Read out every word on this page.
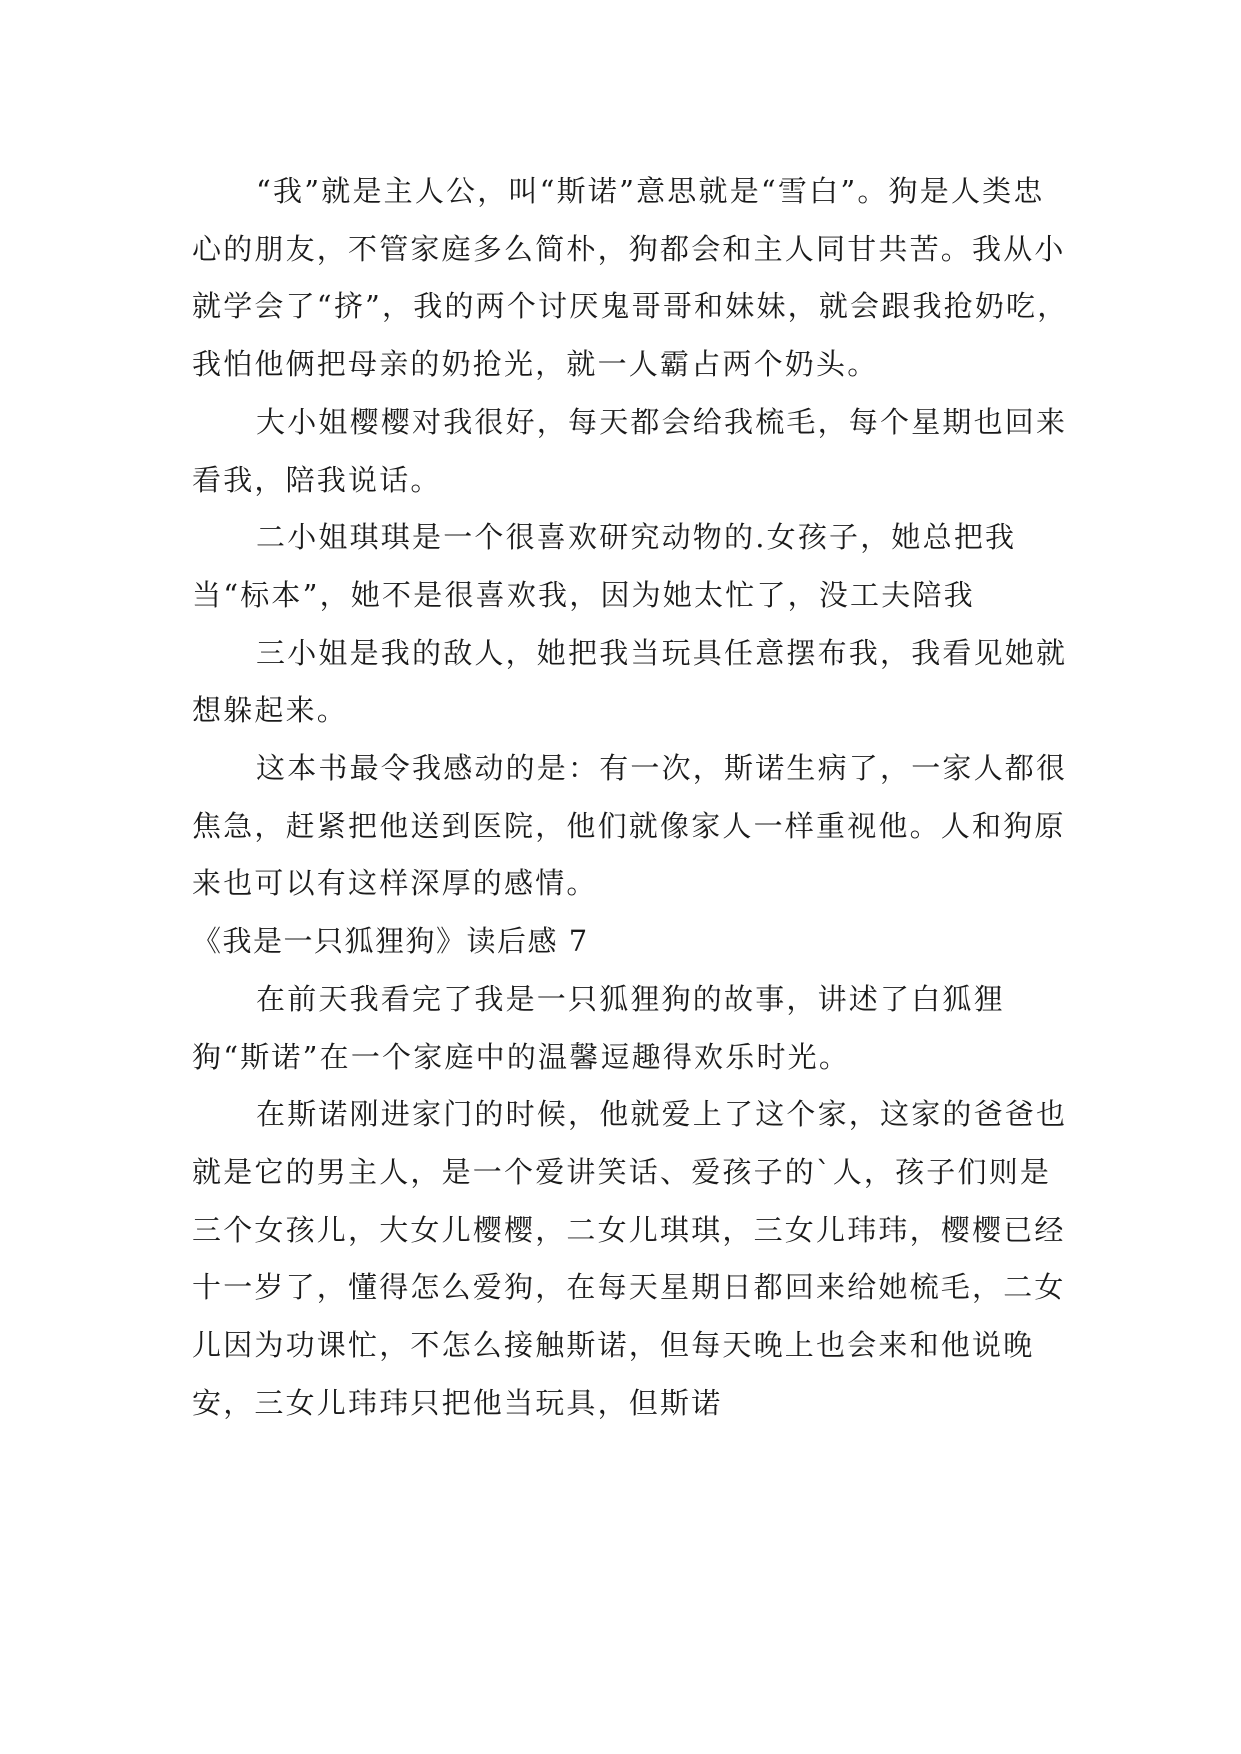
“我”就是主人公，叫“斯诺”意思就是“雪白”。狗是人类忠心的朋友，不管家庭多么简朴，狗都会和主人同甘共苦。我从小就学会了“挤”，我的两个讨厌鬼哥哥和妹妹，就会跟我抢奶吃，我怕他俩把母亲的奶抢光，就一人霸占两个奶头。

大小姐樱樱对我很好，每天都会给我梳毛，每个星期也回来看我，陪我说话。

二小姐琪琪是一个很喜欢研究动物的.女孩子，她总把我当“标本”，她不是很喜欢我，因为她太忙了，没工夫陪我

三小姐是我的敌人，她把我当玩具任意摆布我，我看见她就想躲起来。

这本书最令我感动的是：有一次，斯诺生病了，一家人都很焦急，赶紧把他送到医院，他们就像家人一样重视他。人和狗原来也可以有这样深厚的感情。

《我是一只狐狸狗》读后感 7

在前天我看完了我是一只狐狸狗的故事，讲述了白狐狸狗“斯诺”在一个家庭中的温馨逗趣得欢乐时光。

在斯诺刚进家门的时候，他就爱上了这个家，这家的爸爸也就是它的男主人，是一个爱讲笑话、爱孩子的`人，孩子们则是三个女孩儿，大女儿樱樱，二女儿琪琪，三女儿玮玮，樱樱已经十一岁了，懂得怎么爱狗，在每天星期日都回来给她梳毛，二女儿因为功课忙，不怎么接触斯诺，但每天晚上也会来和他说晚安，三女儿玮玮只把他当玩具，但斯诺
